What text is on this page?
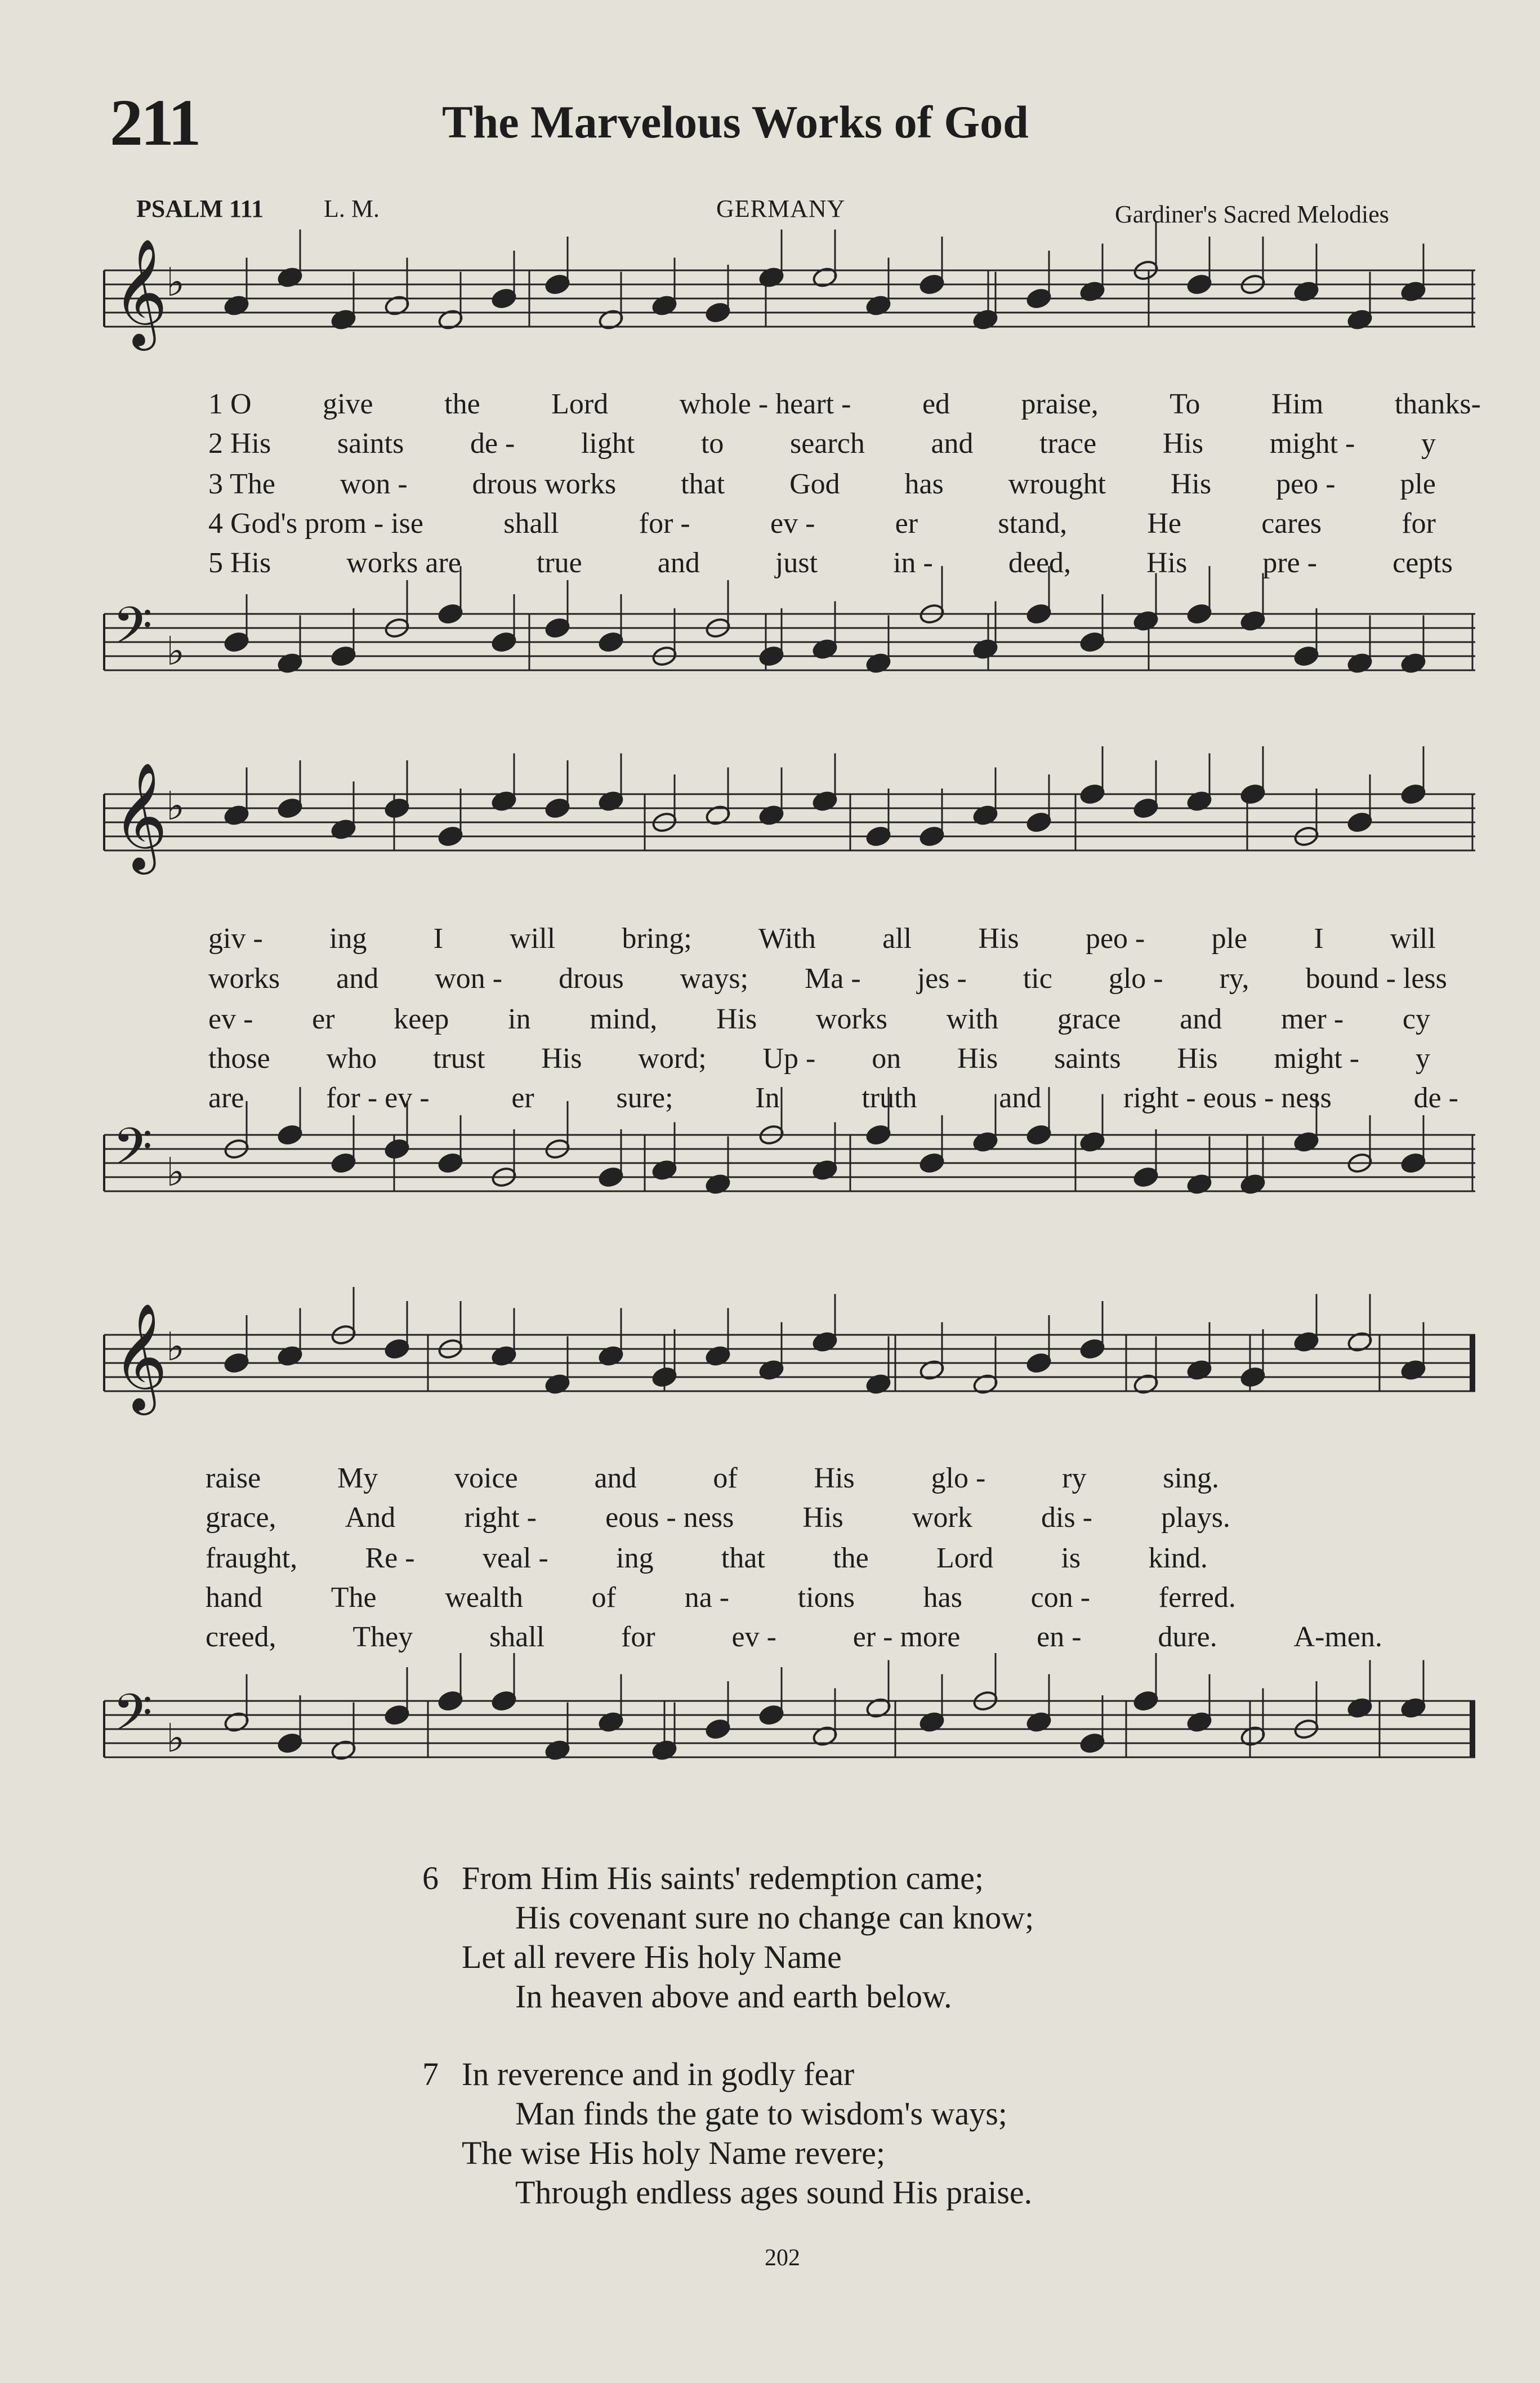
211	The Marvelous Works of God
PSALM 111 L. M.	GERMANY	Gardiner's Sacred Melodies
𝄞
♭
𝄢 ♭
𝄞
♭
𝄢 ♭
𝄞
♭
𝄢 ♭
1 O give the Lord whole - heart - ed praise, To Him thanks-
2 His saints de - light to search and trace His might - y
3 The won - drous works that God has wrought His peo - ple
4 God's prom - ise	shall	for -	ev -	er	stand,	He	cares	for
5 His	works are	true	and	just	in -	deed,	His	pre -	cepts
giv - ing I will bring; With all His peo - ple I will
works and won - drous ways; Ma - jes - tic glo - ry, bound - less
ev - er keep in mind, His works with grace and mer - cy
those who trust His word; Up - on His saints His might - y
are	for - ev -	er	sure;	In	truth	and	right - eous - ness	de -
raise	My	voice	and	of	His	glo -	ry	sing.
grace, And right - eous - ness His work dis - plays.
fraught, Re - veal - ing that the Lord is kind.
hand The wealth of na - tions has con - ferred.
creed,	They	shall	for	ev -	er - more	en -	dure.	A-men.
6 From Him His saints' redemption came;
His covenant sure no change can know;
Let all revere His holy Name
In heaven above and earth below.
7 In reverence and in godly fear
Man finds the gate to wisdom's ways;
The wise His holy Name revere;
Through endless ages sound His praise.
202
